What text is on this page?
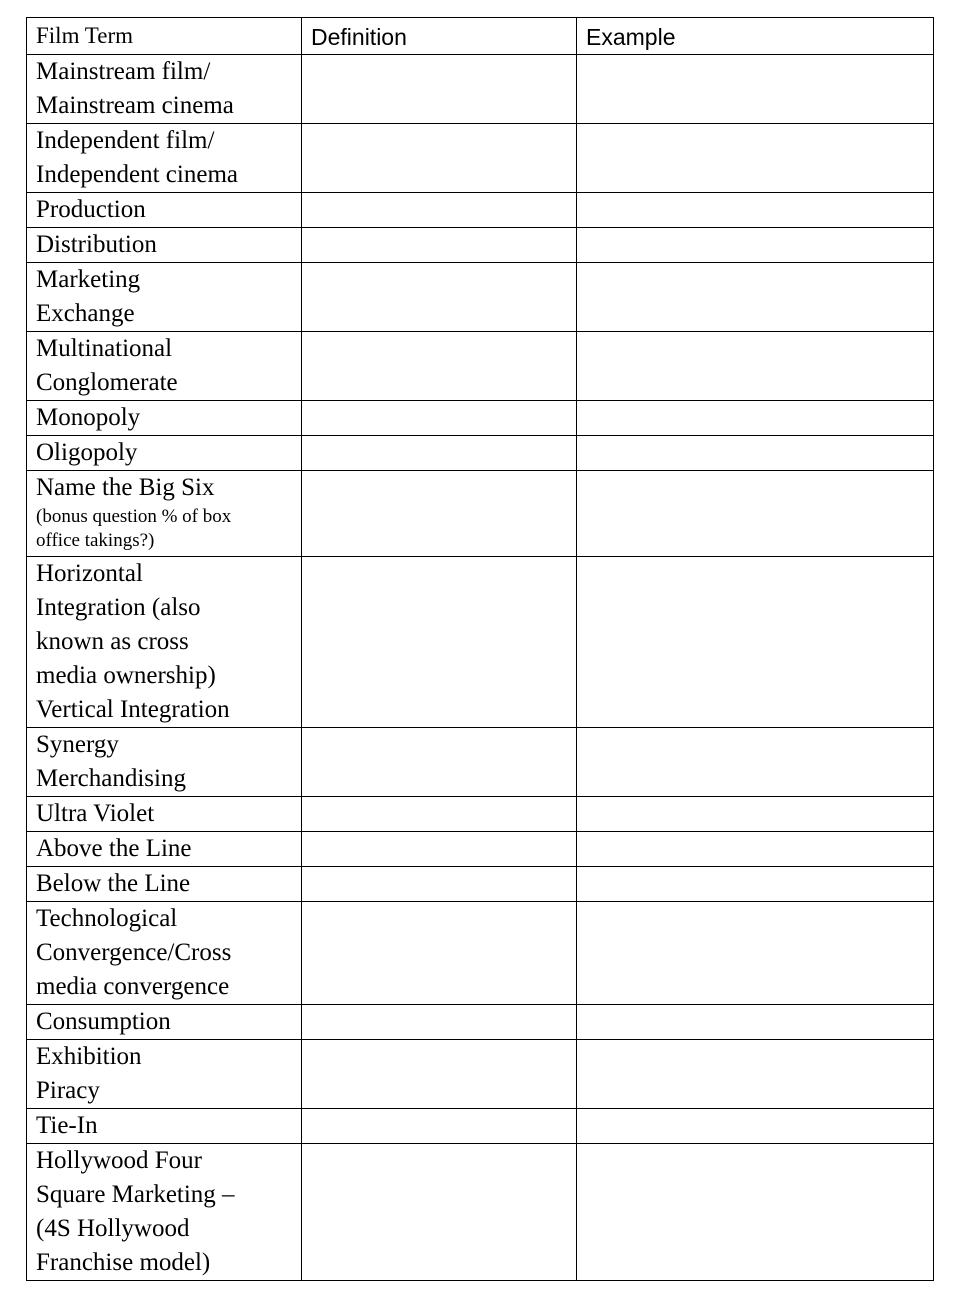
Film Term	Definition	Example

Mainstream film/
Mainstream cinema		

Independent film/
Independent cinema		

Production		

Distribution		

Marketing
Exchange		

Multinational
Conglomerate		

Monopoly		

Oligopoly		

Name the Big Six
(bonus question % of box
office takings?)		

Horizontal
Integration (also
known as cross
media ownership)
Vertical Integration		

Synergy
Merchandising		

Ultra Violet		

Above the Line		

Below the Line		

Technological
Convergence/Cross
media convergence		

Consumption		

Exhibition
Piracy		

Tie-In		

Hollywood Four
Square Marketing –
(4S Hollywood
Franchise model)		
